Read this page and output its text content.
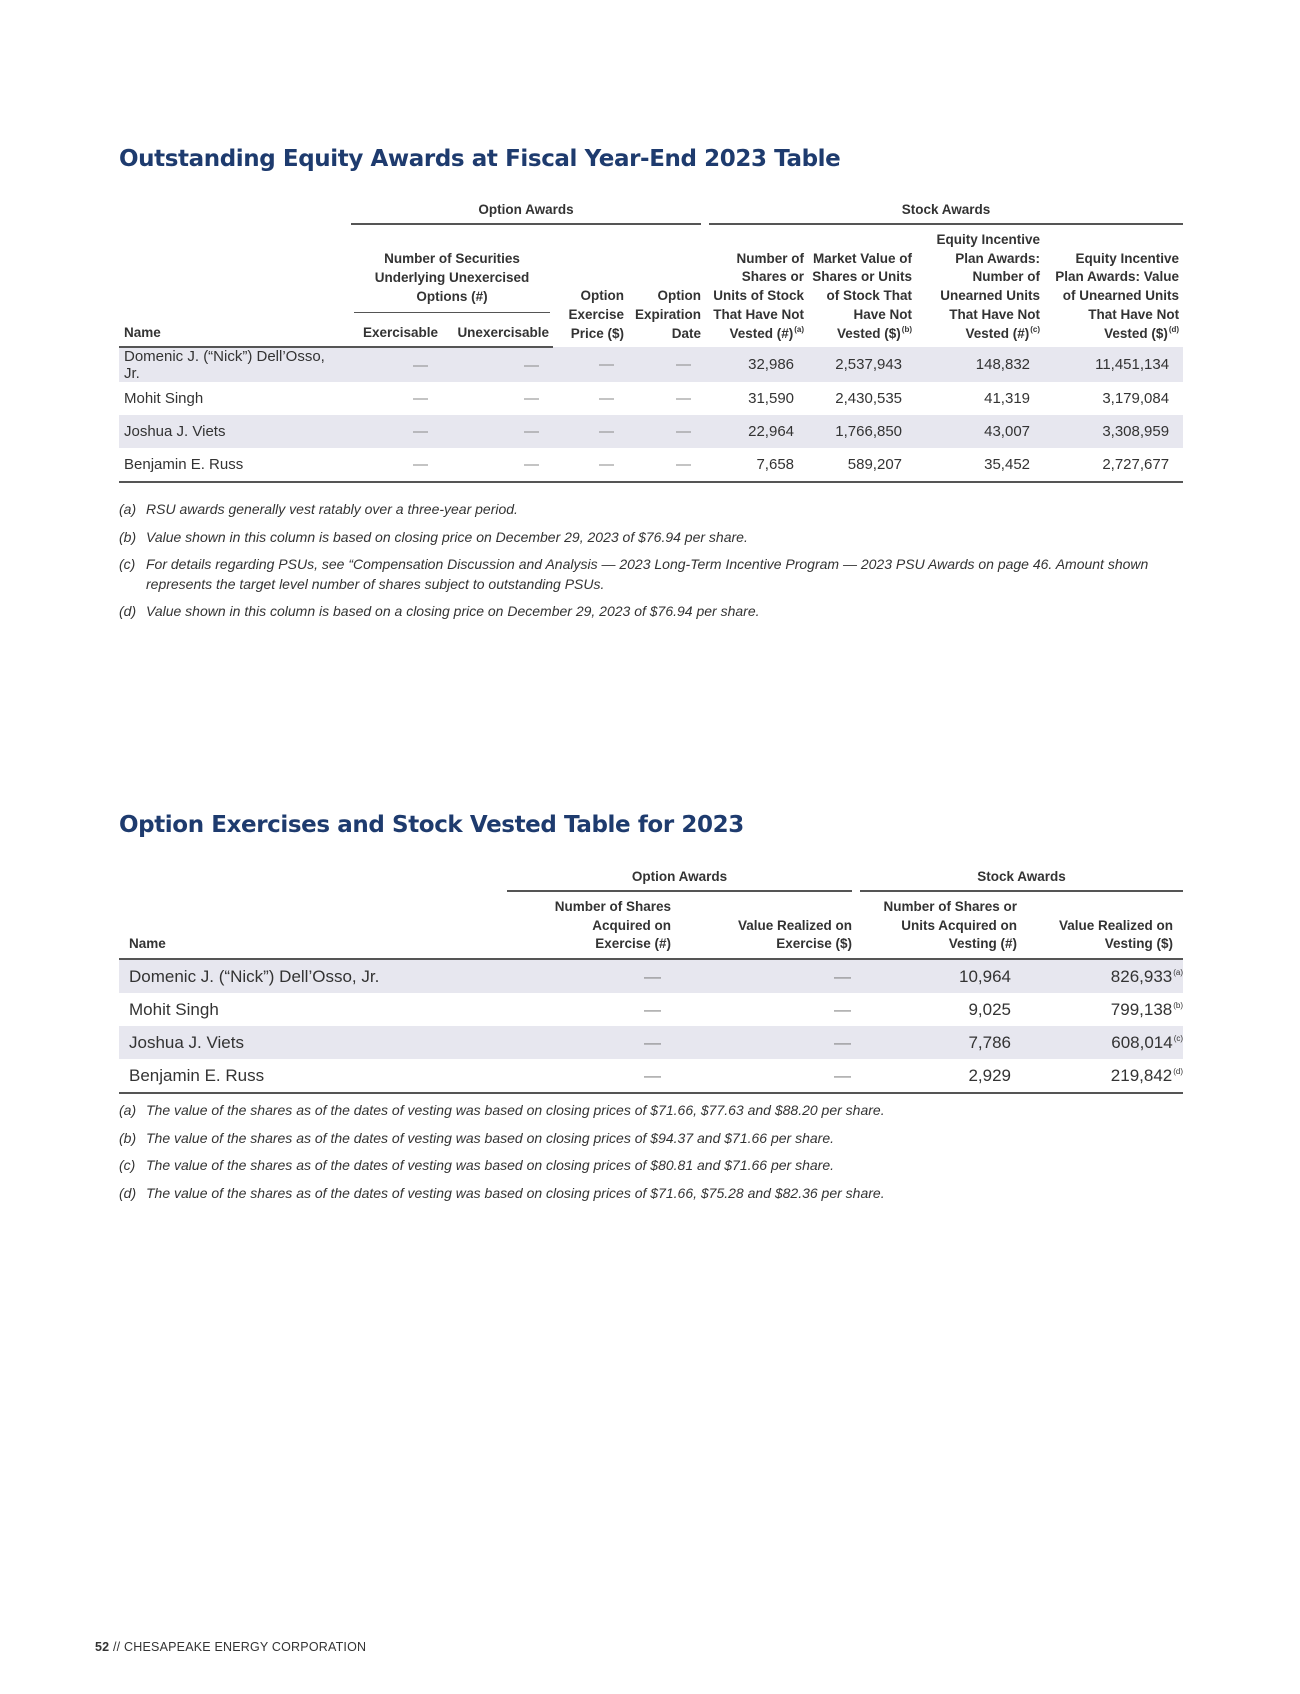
Outstanding Equity Awards at Fiscal Year-End 2023 Table

	Option Awards				Stock Awards			

	Number of Securities Underlying Unexercised Options (#)		Option Exercise Price ($)	Option Expiration Date	Number of Shares or Units of Stock That Have Not Vested (#)$^{(a)}$	Market Value of Shares or Units of Stock That Have Not Vested ($)$^{(b)}$	Equity Incentive Plan Awards: Number of Unearned Units That Have Not Vested (#)$^{(c)}$	Equity Incentive Plan Awards: Value of Unearned Units That Have Not Vested ($)$^{(d)}$
Name	Exercisable	Unexercisable						
Domenic J. (“Nick”) Dell’Osso, Jr.	—	—	—	—	32,986	2,537,943	148,832	11,451,134
Mohit Singh	—	—	—	—	31,590	2,430,535	41,319	3,179,084
Joshua J. Viets	—	—	—	—	22,964	1,766,850	43,007	3,308,959
Benjamin E. Russ	—	—	—	—	7,658	589,207	35,452	2,727,677
(a) RSU awards generally vest ratably over a three-year period.
(b) Value shown in this column is based on closing price on December 29, 2023 of $76.94 per share.
(c) For details regarding PSUs, see “Compensation Discussion and Analysis — 2023 Long-Term Incentive Program — 2023 PSU Awards on page 46. Amount shown represents the target level number of shares subject to outstanding PSUs.
(d) Value shown in this column is based on a closing price on December 29, 2023 of $76.94 per share.
Option Exercises and Stock Vested Table for 2023

	Option Awards		Stock Awards	

Name	Number of Shares Acquired on Exercise (#)	Value Realized on Exercise ($)	Number of Shares or Units Acquired on Vesting (#)	Value Realized on Vesting ($)
Domenic J. (“Nick”) Dell’Osso, Jr.	—	—	10,964	826,933$^{(a)}$
Mohit Singh	—	—	9,025	799,138$^{(b)}$
Joshua J. Viets	—	—	7,786	608,014$^{(c)}$
Benjamin E. Russ	—	—	2,929	219,842$^{(d)}$
(a) The value of the shares as of the dates of vesting was based on closing prices of $71.66, $77.63 and $88.20 per share.
(b) The value of the shares as of the dates of vesting was based on closing prices of $94.37 and $71.66 per share.
(c) The value of the shares as of the dates of vesting was based on closing prices of $80.81 and $71.66 per share.
(d) The value of the shares as of the dates of vesting was based on closing prices of $71.66, $75.28 and $82.36 per share.
52 // CHESAPEAKE ENERGY CORPORATION
